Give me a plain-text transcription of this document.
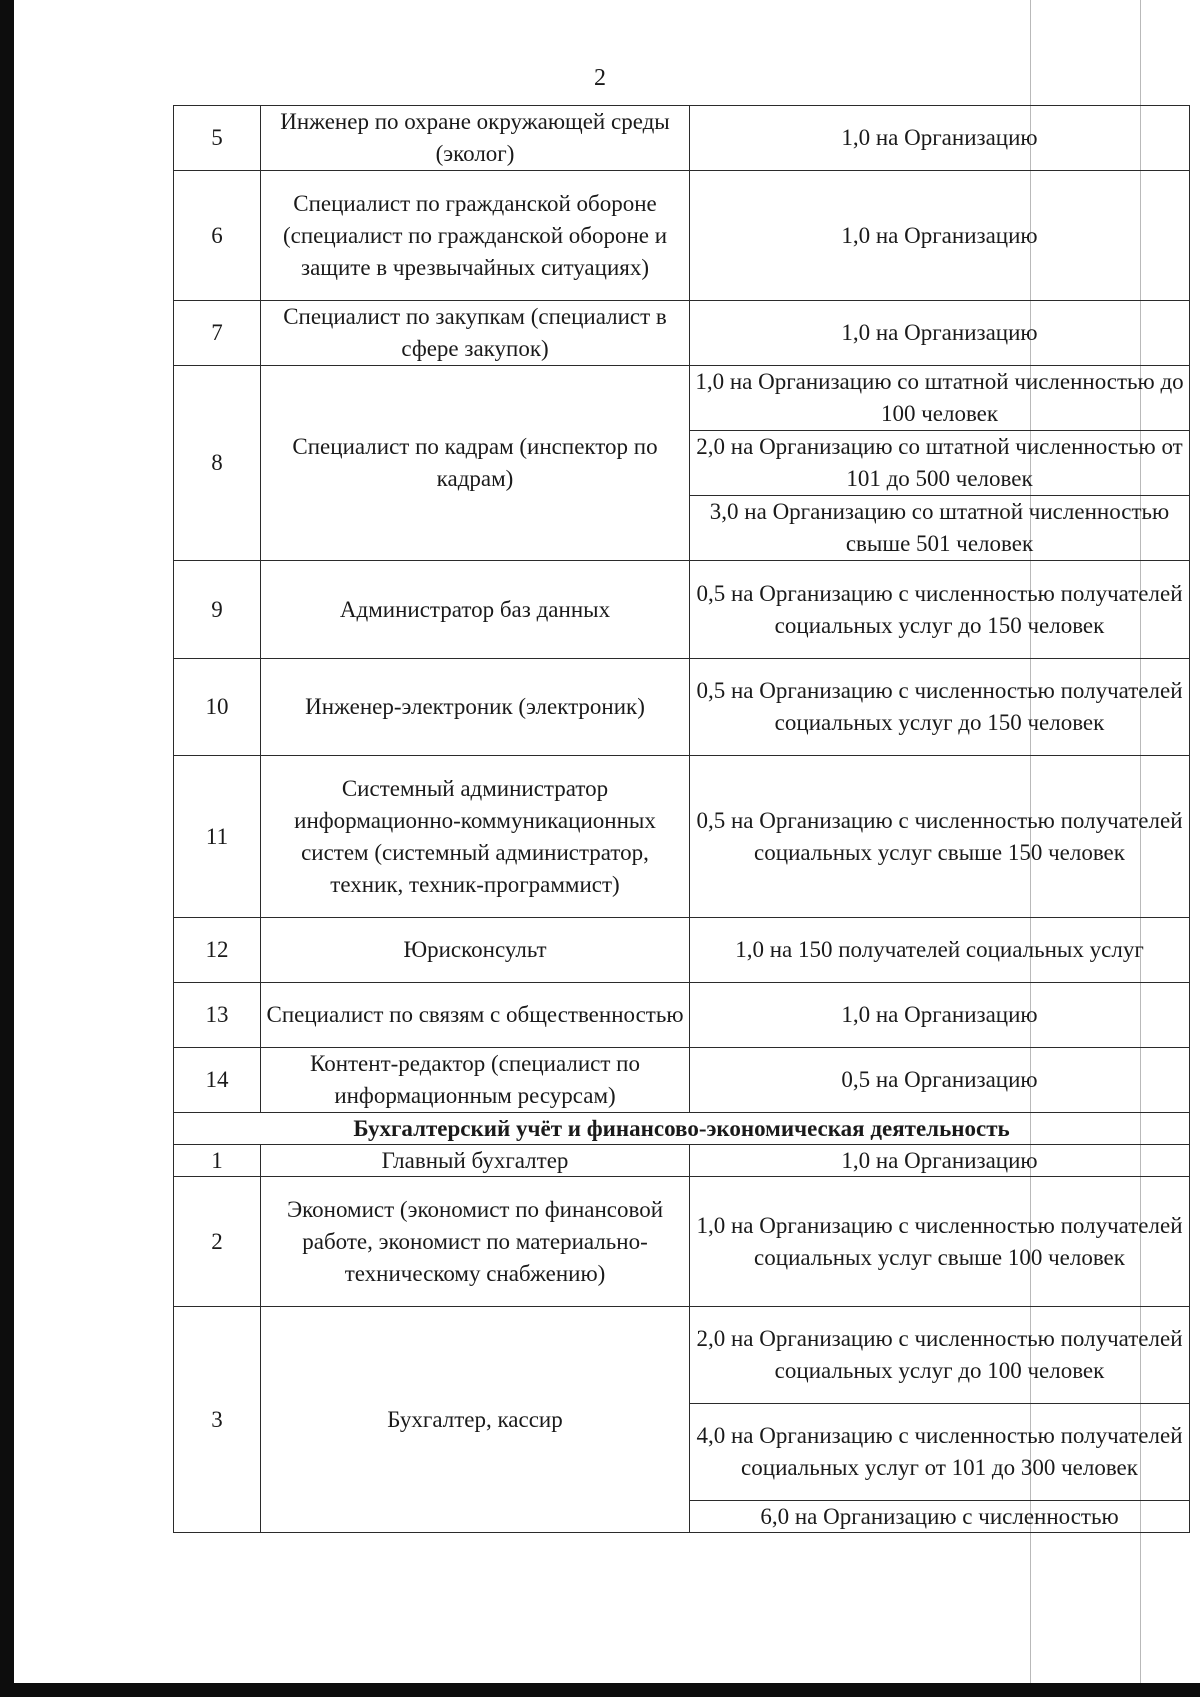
2
5	Инженер по охране окружающей среды (эколог)	1,0 на Организацию
6	Специалист по гражданской обороне (специалист по гражданской обороне и защите в чрезвычайных ситуациях)	1,0 на Организацию
7	Специалист по закупкам (специалист в сфере закупок)	1,0 на Организацию
8	Специалист по кадрам (инспектор по кадрам)	1,0 на Организацию со штатной численностью до 100 человек
		2,0 на Организацию со штатной численностью от 101 до 500 человек
		3,0 на Организацию со штатной численностью свыше 501 человек
9	Администратор баз данных	0,5 на Организацию с численностью получателей социальных услуг до 150 человек
10	Инженер-электроник (электроник)	0,5 на Организацию с численностью получателей социальных услуг до 150 человек
11	Системный администратор информационно-коммуникационных систем (системный администратор, техник, техник-программист)	0,5 на Организацию с численностью получателей социальных услуг свыше 150 человек
12	Юрисконсульт	1,0 на 150 получателей социальных услуг
13	Специалист по связям с общественностью	1,0 на Организацию
14	Контент-редактор (специалист по информационным ресурсам)	0,5 на Организацию
Бухгалтерский учёт и финансово-экономическая деятельность		
1	Главный бухгалтер	1,0 на Организацию
2	Экономист (экономист по финансовой работе, экономист по материально-техническому снабжению)	1,0 на Организацию с численностью получателей социальных услуг свыше 100 человек
3	Бухгалтер, кассир	2,0 на Организацию с численностью получателей социальных услуг до 100 человек
		4,0 на Организацию с численностью получателей социальных услуг от 101 до 300 человек
		6,0 на Организацию с численностью
